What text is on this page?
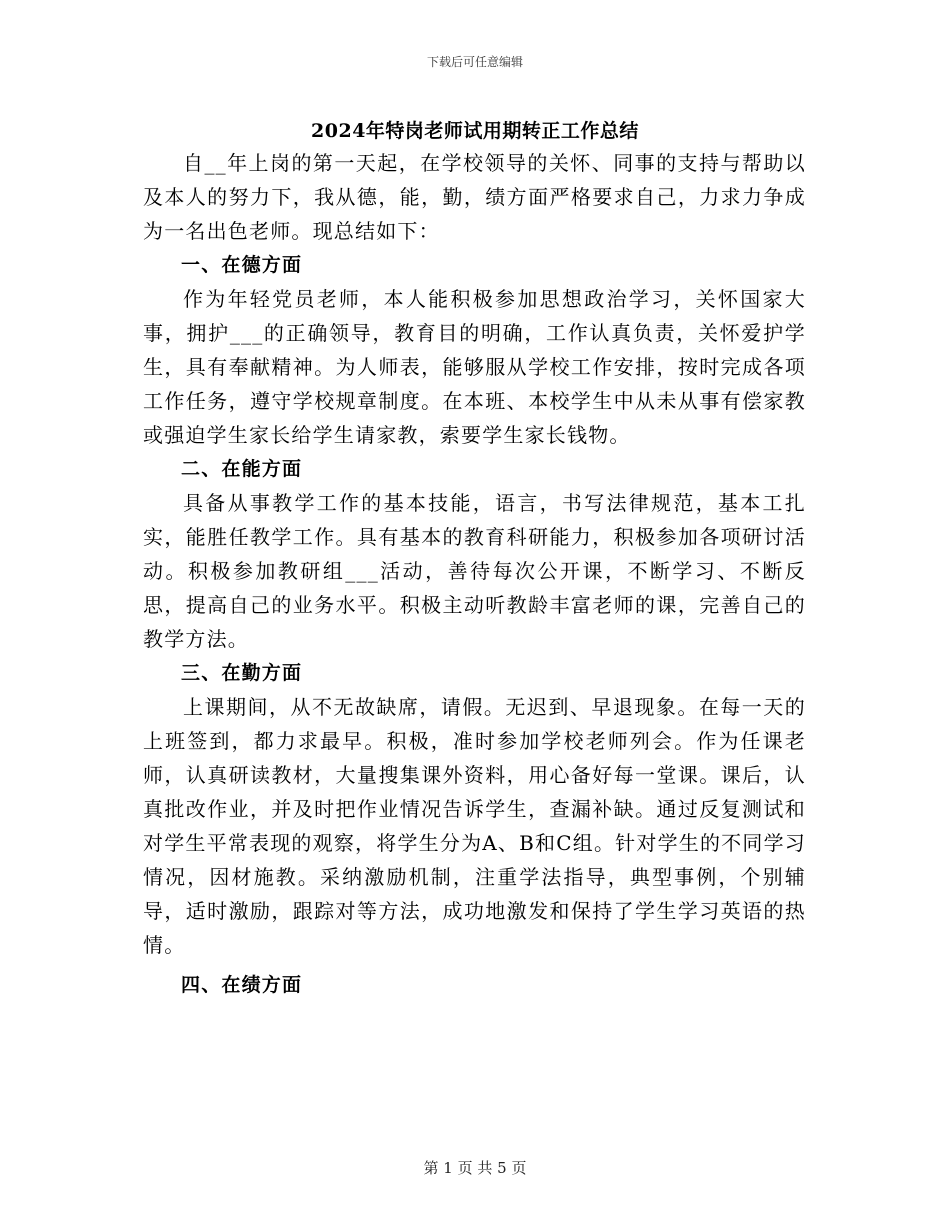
下载后可任意编辑
2024年特岗老师试用期转正工作总结

自__年上岗的第一天起，在学校领导的关怀、同事的支持与帮助以及本人的努力下，我从德，能，勤，绩方面严格要求自己，力求力争成为一名出色老师。现总结如下：

一、在德方面

作为年轻党员老师，本人能积极参加思想政治学习，关怀国家大事，拥护___的正确领导，教育目的明确，工作认真负责，关怀爱护学生，具有奉献精神。为人师表，能够服从学校工作安排，按时完成各项工作任务，遵守学校规章制度。在本班、本校学生中从未从事有偿家教或强迫学生家长给学生请家教，索要学生家长钱物。

二、在能方面

具备从事教学工作的基本技能，语言，书写法律规范，基本工扎实，能胜任教学工作。具有基本的教育科研能力，积极参加各项研讨活动。积极参加教研组___活动，善待每次公开课，不断学习、不断反思，提高自己的业务水平。积极主动听教龄丰富老师的课，完善自己的教学方法。

三、在勤方面

上课期间，从不无故缺席，请假。无迟到、早退现象。在每一天的上班签到，都力求最早。积极，准时参加学校老师列会。作为任课老师，认真研读教材，大量搜集课外资料，用心备好每一堂课。课后，认真批改作业，并及时把作业情况告诉学生，查漏补缺。通过反复测试和对学生平常表现的观察，将学生分为A、B和C组。针对学生的不同学习情况，因材施教。采纳激励机制，注重学法指导，典型事例，个别辅导，适时激励，跟踪对等方法，成功地激发和保持了学生学习英语的热情。

四、在绩方面

第 1 页 共 5 页
